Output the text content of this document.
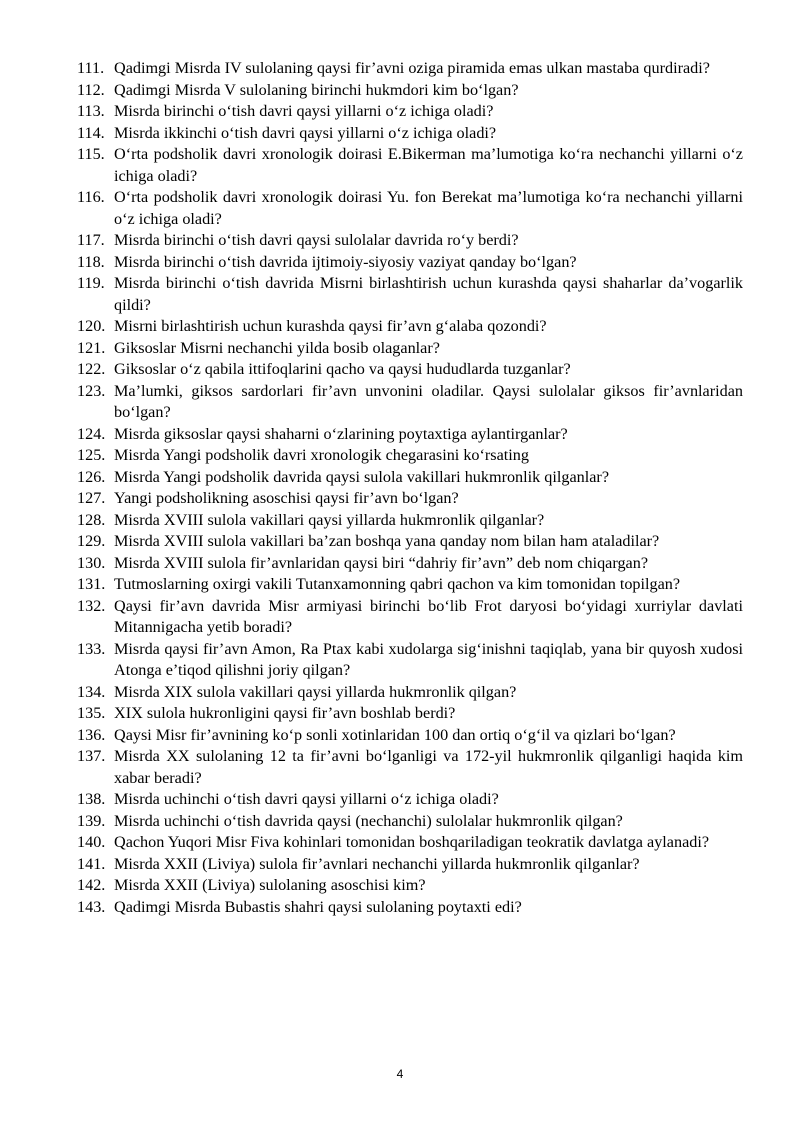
111. Qadimgi Misrda IV sulolaning qaysi fir’avni oziga piramida emas ulkan mastaba qurdiradi?
112. Qadimgi Misrda V sulolaning birinchi hukmdori kim bo‘lgan?
113. Misrda birinchi o‘tish davri qaysi yillarni o‘z ichiga oladi?
114. Misrda ikkinchi o‘tish davri qaysi yillarni o‘z ichiga oladi?
115. O‘rta podsholik davri xronologik doirasi E.Bikerman ma’lumotiga ko‘ra nechanchi yillarni o‘z ichiga oladi?
116. O‘rta podsholik davri xronologik doirasi Yu. fon Berekat ma’lumotiga ko‘ra nechanchi yillarni o‘z ichiga oladi?
117. Misrda birinchi o‘tish davri qaysi sulolalar davrida ro‘y berdi?
118. Misrda birinchi o‘tish davrida ijtimoiy-siyosiy vaziyat qanday bo‘lgan?
119. Misrda birinchi o‘tish davrida Misrni birlashtirish uchun kurashda qaysi shaharlar da’vogarlik qildi?
120. Misrni birlashtirish uchun kurashda qaysi fir’avn g‘alaba qozondi?
121. Giksoslar Misrni nechanchi yilda bosib olaganlar?
122. Giksoslar o‘z qabila ittifoqlarini qacho va qaysi hududlarda tuzganlar?
123. Ma’lumki, giksos sardorlari fir’avn unvonini oladilar. Qaysi sulolalar giksos fir’avnlaridan bo‘lgan?
124. Misrda giksoslar qaysi shaharni o‘zlarining poytaxtiga aylantirganlar?
125. Misrda Yangi podsholik davri xronologik chegarasini ko‘rsating
126. Misrda Yangi podsholik davrida qaysi sulola vakillari hukmronlik qilganlar?
127. Yangi podsholikning asoschisi qaysi fir’avn bo‘lgan?
128. Misrda XVIII sulola vakillari qaysi yillarda hukmronlik qilganlar?
129. Misrda XVIII sulola vakillari ba’zan boshqa yana qanday nom bilan ham ataladilar?
130. Misrda XVIII sulola fir’avnlaridan qaysi biri “dahriy fir’avn” deb nom chiqargan?
131. Tutmoslarning oxirgi vakili Tutanxamonning qabri qachon va kim tomonidan topilgan?
132. Qaysi fir’avn davrida Misr armiyasi birinchi bo‘lib Frot daryosi bo‘yidagi xurriylar davlati Mitannigacha yetib boradi?
133. Misrda qaysi fir’avn Amon, Ra Ptax kabi xudolarga sig‘inishni taqiqlab, yana bir quyosh xudosi Atonga e’tiqod qilishni joriy qilgan?
134. Misrda XIX sulola vakillari qaysi yillarda hukmronlik qilgan?
135. XIX sulola hukronligini qaysi fir’avn boshlab berdi?
136. Qaysi Misr fir’avnining ko‘p sonli xotinlaridan 100 dan ortiq o‘g‘il va qizlari bo‘lgan?
137. Misrda XX sulolaning 12 ta fir’avni bo‘lganligi va 172-yil hukmronlik qilganligi haqida kim xabar beradi?
138. Misrda uchinchi o‘tish davri qaysi yillarni o‘z ichiga oladi?
139. Misrda uchinchi o‘tish davrida qaysi (nechanchi) sulolalar hukmronlik qilgan?
140. Qachon Yuqori Misr Fiva kohinlari tomonidan boshqariladigan teokratik davlatga aylanadi?
141. Misrda XXII (Liviya) sulola fir’avnlari nechanchi yillarda hukmronlik qilganlar?
142. Misrda XXII (Liviya) sulolaning asoschisi kim?
143. Qadimgi Misrda Bubastis shahri qaysi sulolaning poytaxti edi?
4
